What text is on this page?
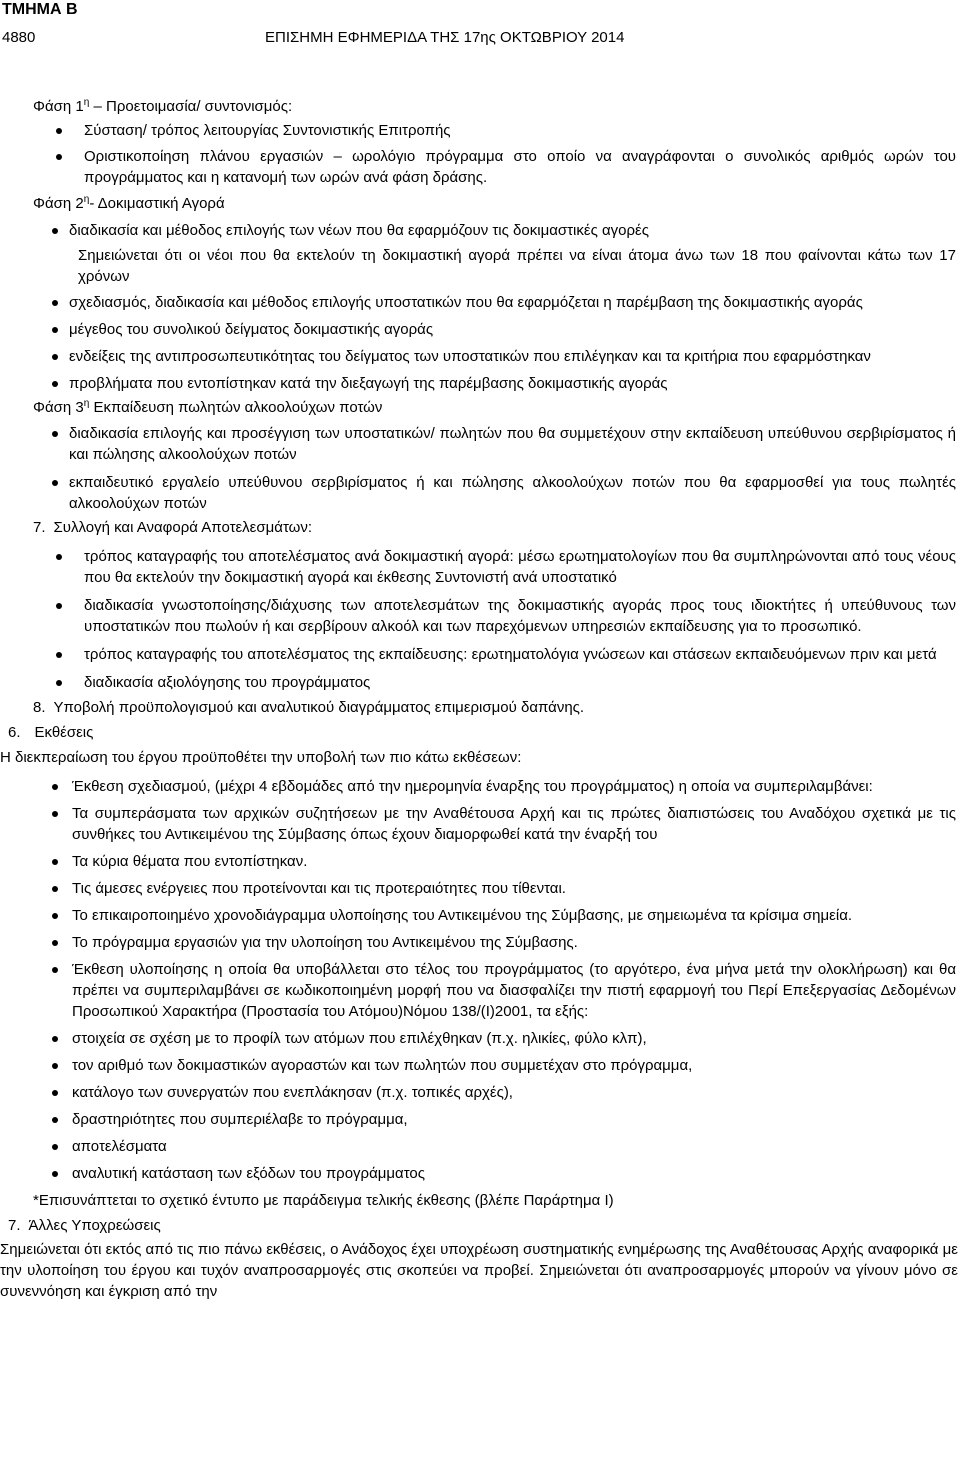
ΤΜΗΜΑ Β
4880	ΕΠΙΣΗΜΗ ΕΦΗΜΕΡΙΔΑ ΤΗΣ 17ης ΟΚΤΩΒΡΙΟΥ 2014
Φάση $1^\eta - \Pi\rho o\varepsilon\tau o\iota\mu\alpha\sigma ί\alpha/$ συντονισμός:
Σύσταση/ τρόπος λειτουργίας Συντονιστικής Επιτροπής
Οριστικοποίηση πλάνου εργασιών – ωρολόγιο πρόγραμμα στο οποίο να αναγράφονται ο συνολικός αριθμός ωρών του προγράμματος και η κατανομή των ωρών ανά φάση δράσης.
Φάση $2^\eta-$ Δοκιμαστική Αγορά
διαδικασία και μέθοδος επιλογής των νέων που θα εφαρμόζουν τις δοκιμαστικές αγορές

Σημειώνεται ότι οι νέοι που θα εκτελούν τη δοκιμαστική αγορά πρέπει να είναι άτομα άνω των 18 που φαίνονται κάτω των 17 χρόνων

σχεδιασμός, διαδικασία και μέθοδος επιλογής υποστατικών που θα εφαρμόζεται η παρέμβαση της δοκιμαστικής αγοράς
μέγεθος του συνολικού δείγματος δοκιμαστικής αγοράς
ενδείξεις της αντιπροσωπευτικότητας του δείγματος των υποστατικών που επιλέγηκαν και τα κριτήρια που εφαρμόστηκαν
προβλήματα που εντοπίστηκαν κατά την διεξαγωγή της παρέμβασης δοκιμαστικής αγοράς
Φάση $3^\eta$ Εκπαίδευση πωλητών αλκοολούχων ποτών
διαδικασία επιλογής και προσέγγιση των υποστατικών/ πωλητών που θα συμμετέχουν στην εκπαίδευση υπεύθυνου σερβιρίσματος ή και πώλησης αλκοολούχων ποτών
εκπαιδευτικό εργαλείο υπεύθυνου σερβιρίσματος ή και πώλησης αλκοολούχων ποτών που θα εφαρμοσθεί για τους πωλητές αλκοολούχων ποτών
7. Συλλογή και Αναφορά Αποτελεσμάτων:
τρόπος καταγραφής του αποτελέσματος ανά δοκιμαστική αγορά: μέσω ερωτηματολογίων που θα συμπληρώνονται από τους νέους που θα εκτελούν την δοκιμαστική αγορά και έκθεσης Συντονιστή ανά υποστατικό
διαδικασία γνωστοποίησης/διάχυσης των αποτελεσμάτων της δοκιμαστικής αγοράς προς τους ιδιοκτήτες ή υπεύθυνους των υποστατικών που πωλούν ή και σερβίρουν αλκοόλ και των παρεχόμενων υπηρεσιών εκπαίδευσης για το προσωπικό.
τρόπος καταγραφής του αποτελέσματος της εκπαίδευσης: ερωτηματολόγια γνώσεων και στάσεων εκπαιδευόμενων πριν και μετά
διαδικασία αξιολόγησης του προγράμματος
8. Υποβολή προϋπολογισμού και αναλυτικού διαγράμματος επιμερισμού δαπάνης.
6. Εκθέσεις

Η διεκπεραίωση του έργου προϋποθέτει την υποβολή των πιο κάτω εκθέσεων:

Έκθεση σχεδιασμού, (μέχρι 4 εβδομάδες από την ημερομηνία έναρξης του προγράμματος) η οποία να συμπεριλαμβάνει:
Τα συμπεράσματα των αρχικών συζητήσεων με την Αναθέτουσα Αρχή και τις πρώτες διαπιστώσεις του Αναδόχου σχετικά με τις συνθήκες του Αντικειμένου της Σύμβασης όπως έχουν διαμορφωθεί κατά την έναρξή του
Τα κύρια θέματα που εντοπίστηκαν.
Τις άμεσες ενέργειες που προτείνονται και τις προτεραιότητες που τίθενται.
Το επικαιροποιημένο χρονοδιάγραμμα υλοποίησης του Αντικειμένου της Σύμβασης, με σημειωμένα τα κρίσιμα σημεία.
Το πρόγραμμα εργασιών για την υλοποίηση του Αντικειμένου της Σύμβασης.
Έκθεση υλοποίησης η οποία θα υποβάλλεται στο τέλος του προγράμματος (το αργότερο, ένα μήνα μετά την ολοκλήρωση) και θα πρέπει να συμπεριλαμβάνει σε κωδικοποιημένη μορφή που να διασφαλίζει την πιστή εφαρμογή του Περί Επεξεργασίας Δεδομένων Προσωπικού Χαρακτήρα (Προστασία του Ατόμου)Νόμου 138/(Ι)2001, τα εξής:
στοιχεία σε σχέση με το προφίλ των ατόμων που επιλέχθηκαν (π.χ. ηλικίες, φύλο κλπ),
τον αριθμό των δοκιμαστικών αγοραστών και των πωλητών που συμμετέχαν στο πρόγραμμα,
κατάλογο των συνεργατών που ενεπλάκησαν (π.χ. τοπικές αρχές),
δραστηριότητες που συμπεριέλαβε το πρόγραμμα,
αποτελέσματα
αναλυτική κατάσταση των εξόδων του προγράμματος

*Επισυνάπτεται το σχετικό έντυπο με παράδειγμα τελικής έκθεσης (βλέπε Παράρτημα Ι)

7. Άλλες Υποχρεώσεις

Σημειώνεται ότι εκτός από τις πιο πάνω εκθέσεις, ο Ανάδοχος έχει υποχρέωση συστηματικής ενημέρωσης της Αναθέτουσας Αρχής αναφορικά με την υλοποίηση του έργου και τυχόν αναπροσαρμογές στις σκοπεύει να προβεί. Σημειώνεται ότι αναπροσαρμογές μπορούν να γίνουν μόνο σε συνεννόηση και έγκριση από την
